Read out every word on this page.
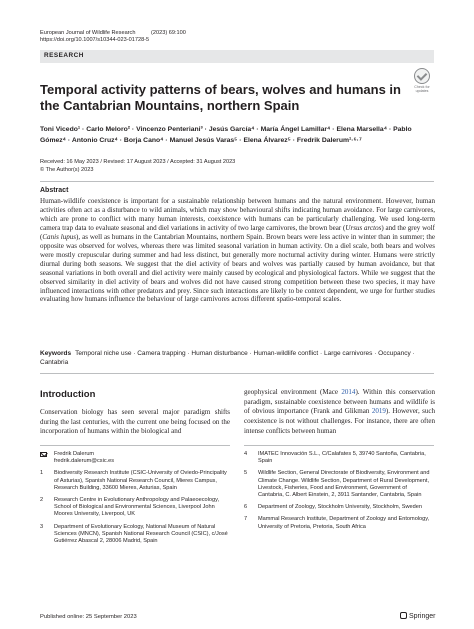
European Journal of Wildlife Research	(2023) 69:100
https://doi.org/10.1007/s10344-023-01728-5
RESEARCH
Check for updates
Temporal activity patterns of bears, wolves and humans in the Cantabrian Mountains, northern Spain
Toni Vicedo¹ · Carlo Meloro² · Vincenzo Penteriani³ · Jesús García⁴ · María Ángel Lamillar⁴ · Elena Marsella⁴ · Pablo Gómez⁴ · Antonio Cruz⁴ · Borja Cano⁴ · Manuel Jesús Varas⁵ · Elena Álvarez⁵ · Fredrik Dalerum¹·⁶·⁷
Received: 16 May 2023 / Revised: 17 August 2023 / Accepted: 31 August 2023
© The Author(s) 2023
Abstract

Human-wildlife coexistence is important for a sustainable relationship between humans and the natural environment. However, human activities often act as a disturbance to wild animals, which may show behavioural shifts indicating human avoidance. For large carnivores, which are prone to conflict with many human interests, coexistence with humans can be particularly challenging. We used long-term camera trap data to evaluate seasonal and diel variations in activity of two large carnivores, the brown bear (Ursus arctos) and the grey wolf (Canis lupus), as well as humans in the Cantabrian Mountains, northern Spain. Brown bears were less active in winter than in summer; the opposite was observed for wolves, whereas there was limited seasonal variation in human activity. On a diel scale, both bears and wolves were mostly crepuscular during summer and had less distinct, but generally more nocturnal activity during winter. Humans were strictly diurnal during both seasons. We suggest that the diel activity of bears and wolves was partially caused by human avoidance, but that seasonal variations in both overall and diel activity were mainly caused by ecological and physiological factors. While we suggest that the observed similarity in diel activity of bears and wolves did not have caused strong competition between these two species, it may have influenced interactions with other predators and prey. Since such interactions are likely to be context dependent, we urge for further studies evaluating how humans influence the behaviour of large carnivores across different spatio-temporal scales.

Keywords Temporal niche use · Camera trapping · Human disturbance · Human-wildlife conflict · Large carnivores · Occupancy · Cantabria
Introduction

Conservation biology has seen several major paradigm shifts during the last centuries, with the current one being focused on the incorporation of humans within the biological and

geophysical environment (Mace 2014). Within this conservation paradigm, sustainable coexistence between humans and wildlife is of obvious importance (Frank and Glikman 2019). However, such coexistence is not without challenges. For instance, there are often intense conflicts between human

Fredrik Dalerum
fredrik.dalerum@csic.es
1 Biodiversity Research Institute (CSIC-University of Oviedo-Principality of Asturias), Spanish National Research Council, Mieres Campus, Research Building, 33600 Mieres, Asturias, Spain
2 Research Centre in Evolutionary Anthropology and Palaeoecology, School of Biological and Environmental Sciences, Liverpool John Moores University, Liverpool, UK
3 Department of Evolutionary Ecology, National Museum of Natural Sciences (MNCN), Spanish National Research Council (CSIC), c/José Gutiérrez Abascal 2, 28006 Madrid, Spain
4 IMATEC Innovación S.L., C/Calafates 5, 39740 Santoña, Cantabria, Spain
5 Wildlife Section, General Directorate of Biodiversity, Environment and Climate Change. Wildlife Section, Department of Rural Development, Livestock, Fisheries, Food and Environment, Government of Cantabria, C. Albert Einstein, 2, 3911 Santander, Cantabria, Spain
6 Department of Zoology, Stockholm University, Stockholm, Sweden
7 Mammal Research Institute, Department of Zoology and Entomology, University of Pretoria, Pretoria, South Africa
Published online: 25 September 2023	Springer
